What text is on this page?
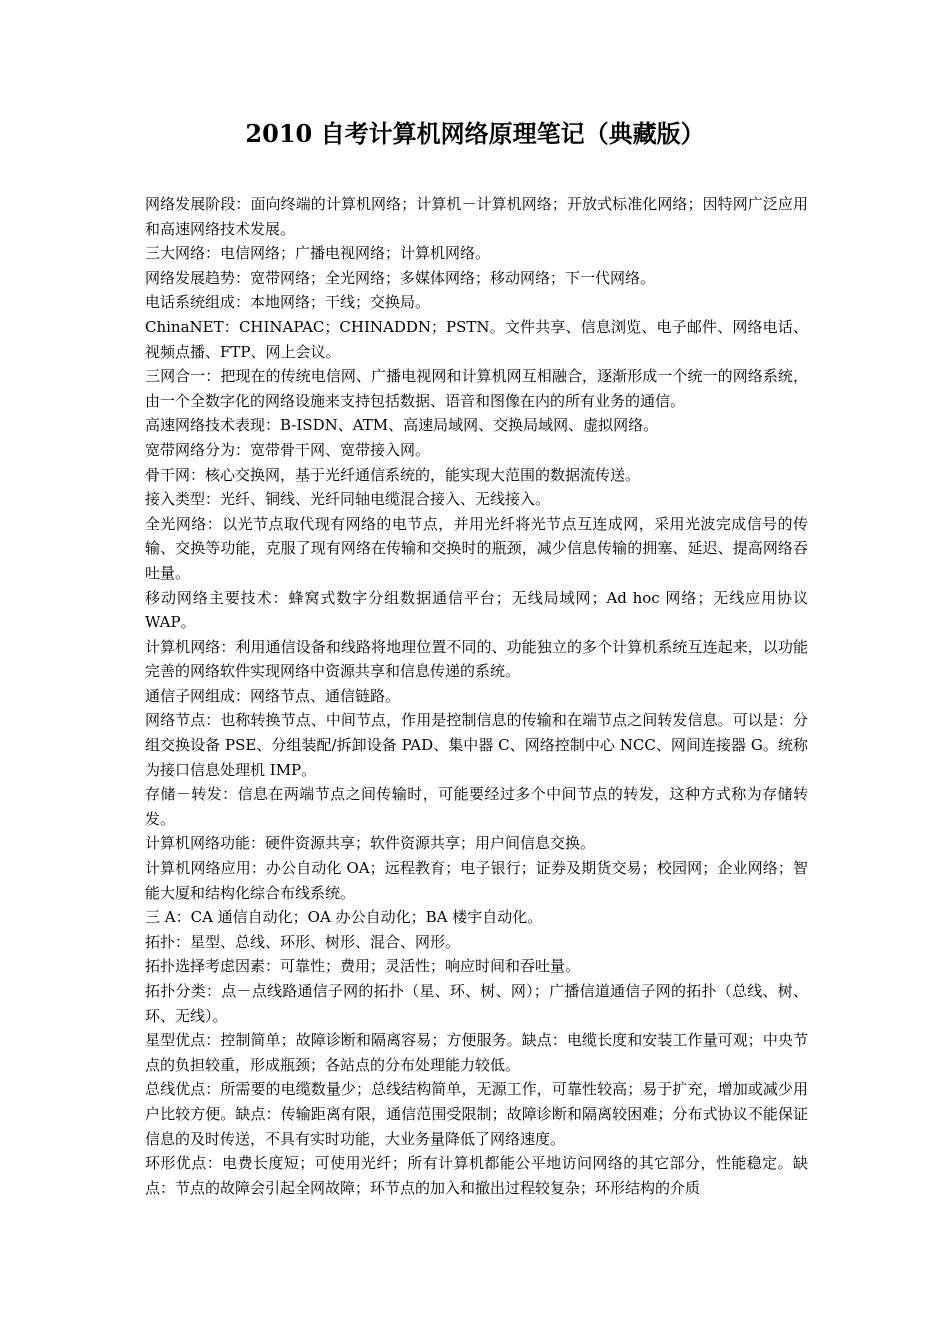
2010 自考计算机网络原理笔记（典藏版）

网络发展阶段：面向终端的计算机网络；计算机－计算机网络；开放式标准化网络；因特网广泛应用和高速网络技术发展。

三大网络：电信网络；广播电视网络；计算机网络。

网络发展趋势：宽带网络；全光网络；多媒体网络；移动网络；下一代网络。

电话系统组成：本地网络；干线；交换局。

ChinaNET：CHINAPAC；CHINADDN；PSTN。文件共享、信息浏览、电子邮件、网络电话、视频点播、FTP、网上会议。

三网合一：把现在的传统电信网、广播电视网和计算机网互相融合，逐渐形成一个统一的网络系统，由一个全数字化的网络设施来支持包括数据、语音和图像在内的所有业务的通信。

高速网络技术表现：B-ISDN、ATM、高速局域网、交换局域网、虚拟网络。

宽带网络分为：宽带骨干网、宽带接入网。

骨干网：核心交换网，基于光纤通信系统的，能实现大范围的数据流传送。

接入类型：光纤、铜线、光纤同轴电缆混合接入、无线接入。

全光网络：以光节点取代现有网络的电节点，并用光纤将光节点互连成网，采用光波完成信号的传输、交换等功能，克服了现有网络在传输和交换时的瓶颈，减少信息传输的拥塞、延迟、提高网络吞吐量。

移动网络主要技术：蜂窝式数字分组数据通信平台；无线局域网；Ad hoc 网络；无线应用协议 WAP。

计算机网络：利用通信设备和线路将地理位置不同的、功能独立的多个计算机系统互连起来，以功能完善的网络软件实现网络中资源共享和信息传递的系统。

通信子网组成：网络节点、通信链路。

网络节点：也称转换节点、中间节点，作用是控制信息的传输和在端节点之间转发信息。可以是：分组交换设备 PSE、分组装配/拆卸设备 PAD、集中器 C、网络控制中心 NCC、网间连接器 G。统称为接口信息处理机 IMP。

存储－转发：信息在两端节点之间传输时，可能要经过多个中间节点的转发，这种方式称为存储转发。

计算机网络功能：硬件资源共享；软件资源共享；用户间信息交换。

计算机网络应用：办公自动化 OA；远程教育；电子银行；证券及期货交易；校园网；企业网络；智能大厦和结构化综合布线系统。

三 A：CA 通信自动化；OA 办公自动化；BA 楼宇自动化。

拓扑：星型、总线、环形、树形、混合、网形。

拓扑选择考虑因素：可靠性；费用；灵活性；响应时间和吞吐量。

拓扑分类：点－点线路通信子网的拓扑（星、环、树、网）；广播信道通信子网的拓扑（总线、树、环、无线）。

星型优点：控制简单；故障诊断和隔离容易；方便服务。缺点：电缆长度和安装工作量可观；中央节点的负担较重，形成瓶颈；各站点的分布处理能力较低。

总线优点：所需要的电缆数量少；总线结构简单，无源工作，可靠性较高；易于扩充，增加或减少用户比较方便。缺点：传输距离有限，通信范围受限制；故障诊断和隔离较困难；分布式协议不能保证信息的及时传送，不具有实时功能，大业务量降低了网络速度。

环形优点：电费长度短；可使用光纤；所有计算机都能公平地访问网络的其它部分，性能稳定。缺点：节点的故障会引起全网故障；环节点的加入和撤出过程较复杂；环形结构的介质
